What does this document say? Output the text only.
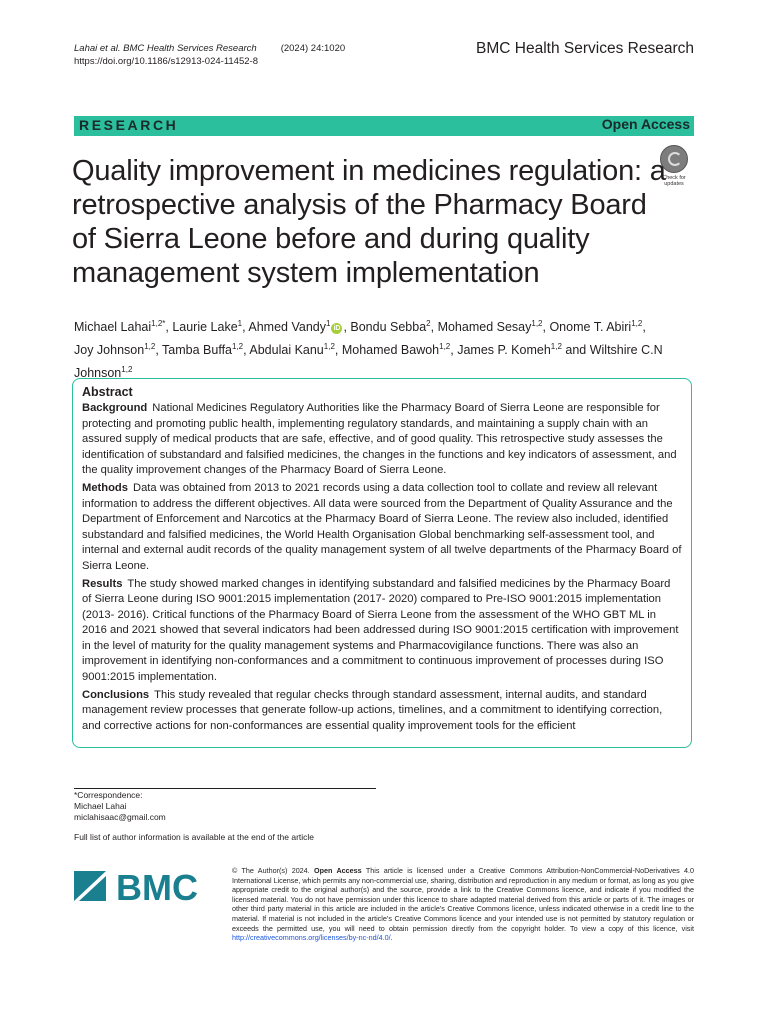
Lahai et al. BMC Health Services Research	(2024) 24:1020
https://doi.org/10.1186/s12913-024-11452-8
BMC Health Services Research
RESEARCH	Open Access
Check for updates
Quality improvement in medicines regulation: a retrospective analysis of the Pharmacy Board of Sierra Leone before and during quality management system implementation
Michael Lahai$^{1,2*}$, Laurie Lake$^1$, Ahmed Vandy$^1$iD , Bondu Sebba$^2$, Mohamed Sesay$^{1,2}$, Onome T. Abiri$^{1,2}$,
Joy Johnson$^{1,2}$, Tamba Buffa$^{1,2}$, Abdulai Kanu$^{1,2}$, Mohamed Bawoh$^{1,2}$, James P. Komeh$^{1,2}$ and Wiltshire C.N Johnson$^{1,2}$
Abstract

Background National Medicines Regulatory Authorities like the Pharmacy Board of Sierra Leone are responsible for protecting and promoting public health, implementing regulatory standards, and maintaining a supply chain with an assured supply of medical products that are safe, effective, and of good quality. This retrospective study assesses the identification of substandard and falsified medicines, the changes in the functions and key indicators of assessment, and the quality improvement changes of the Pharmacy Board of Sierra Leone.

Methods Data was obtained from 2013 to 2021 records using a data collection tool to collate and review all relevant information to address the different objectives. All data were sourced from the Department of Quality Assurance and the Department of Enforcement and Narcotics at the Pharmacy Board of Sierra Leone. The review also included, identified substandard and falsified medicines, the World Health Organisation Global benchmarking self-assessment tool, and internal and external audit records of the quality management system of all twelve departments of the Pharmacy Board of Sierra Leone.

Results The study showed marked changes in identifying substandard and falsified medicines by the Pharmacy Board of Sierra Leone during ISO 9001:2015 implementation (2017- 2020) compared to Pre-ISO 9001:2015 implementation (2013- 2016). Critical functions of the Pharmacy Board of Sierra Leone from the assessment of the WHO GBT ML in 2016 and 2021 showed that several indicators had been addressed during ISO 9001:2015 certification with improvement in the level of maturity for the quality management systems and Pharmacovigilance functions. There was also an improvement in identifying non-conformances and a commitment to continuous improvement of processes during ISO 9001:2015 implementation.

Conclusions This study revealed that regular checks through standard assessment, internal audits, and standard management review processes that generate follow-up actions, timelines, and a commitment to identifying correction, and corrective actions for non-conformances are essential quality improvement tools for the efficient

*Correspondence:
Michael Lahai
miclahisaac@gmail.com
Full list of author information is available at the end of the article
BMC	© The Author(s) 2024. Open Access This article is licensed under a Creative Commons Attribution-NonCommercial-NoDerivatives 4.0 International License, which permits any non-commercial use, sharing, distribution and reproduction in any medium or format, as long as you give appropriate credit to the original author(s) and the source, provide a link to the Creative Commons licence, and indicate if you modified the licensed material. You do not have permission under this licence to share adapted material derived from this article or parts of it. The images or other third party material in this article are included in the article’s Creative Commons licence, unless indicated otherwise in a credit line to the material. If material is not included in the article’s Creative Commons licence and your intended use is not permitted by statutory regulation or exceeds the permitted use, you will need to obtain permission directly from the copyright holder. To view a copy of this licence, visit http://creativecommons.org/licenses/by-nc-nd/4.0/.
